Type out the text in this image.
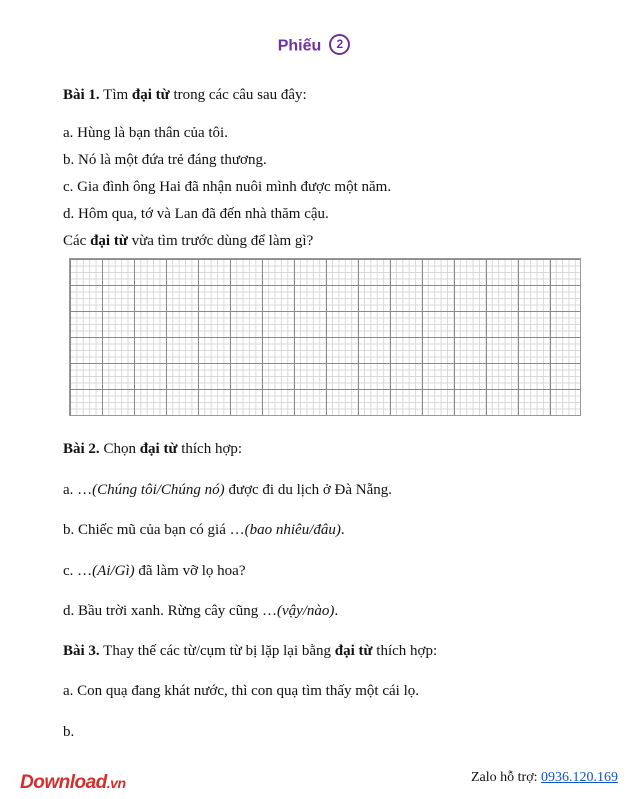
Phiếu 2
Bài 1. Tìm đại từ trong các câu sau đây:
a. Hùng là bạn thân của tôi.
b. Nó là một đứa trẻ đáng thương.
c. Gia đình ông Hai đã nhận nuôi mình được một năm.
d. Hôm qua, tớ và Lan đã đến nhà thăm cậu.
Các đại từ vừa tìm trước dùng để làm gì?
Bài 2. Chọn đại từ thích hợp:
a. …(Chúng tôi/Chúng nó) được đi du lịch ở Đà Nẵng.
b. Chiếc mũ của bạn có giá …(bao nhiêu/đâu).
c. …(Ai/Gì) đã làm vỡ lọ hoa?
d. Bầu trời xanh. Rừng cây cũng …(vậy/nào).
Bài 3. Thay thế các từ/cụm từ bị lặp lại bằng đại từ thích hợp:
a. Con quạ đang khát nước, thì con quạ tìm thấy một cái lọ.
b.
Download.vn	Zalo hỗ trợ: 0936.120.169
